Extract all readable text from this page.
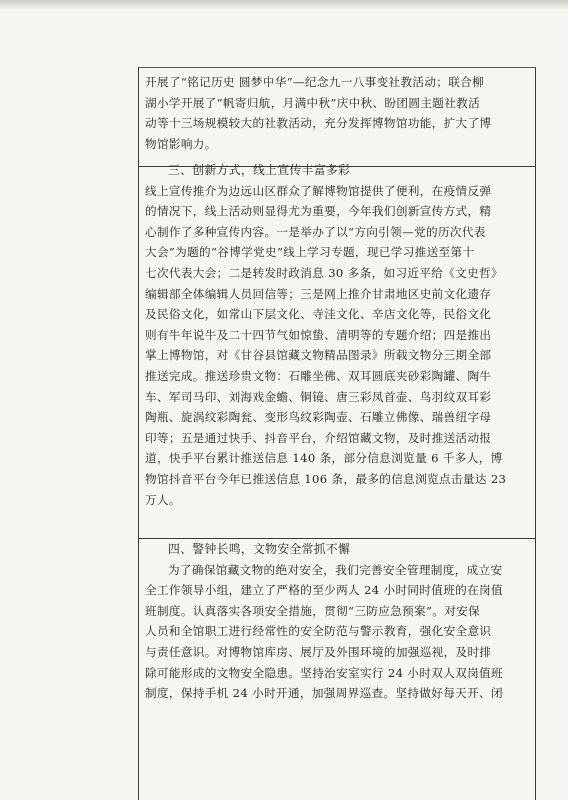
开展了“铭记历史 圆梦中华”—纪念九一八事变社教活动；联合柳
湖小学开展了“帆寄归航，月满中秋”庆中秋、盼团圆主题社教活
动等十三场规模较大的社教活动，充分发挥博物馆功能，扩大了博
物馆影响力。
三、创新方式，线上宣传丰富多彩
线上宣传推介为边远山区群众了解博物馆提供了便利，在疫情反弹
的情况下，线上活动则显得尤为重要，今年我们创新宣传方式，精
心制作了多种宣传内容。一是举办了以“方向引领—党的历次代表
大会”为题的“谷博学党史”线上学习专题，现已学习推送至第十
七次代表大会；二是转发时政消息 30 多条，如习近平给《文史哲》
编辑部全体编辑人员回信等；三是网上推介甘肃地区史前文化遗存
及民俗文化，如常山下层文化、寺洼文化、辛店文化等，民俗文化
则有牛年说牛及二十四节气如惊蛰、清明等的专题介绍；四是推出
掌上博物馆，对《甘谷县馆藏文物精品图录》所载文物分三期全部
推送完成。推送珍贵文物：石雕坐佛、双耳圆底夹砂彩陶罐、陶牛
车、军司马印、刘海戏金蟾、铜镜、唐三彩凤首壶、鸟羽纹双耳彩
陶瓶、旋涡纹彩陶瓮、变形鸟纹彩陶壶、石雕立佛像、瑞兽纽字母
印等；五是通过快手、抖音平台，介绍馆藏文物，及时推送活动报
道，快手平台累计推送信息 140 条，部分信息浏览量 6 千多人，博
物馆抖音平台今年已推送信息 106 条，最多的信息浏览点击量达 23
万人。
四、警钟长鸣，文物安全常抓不懈
为了确保馆藏文物的绝对安全，我们完善安全管理制度，成立安
全工作领导小组，建立了严格的至少两人 24 小时同时值班的在岗值
班制度。认真落实各项安全措施，贯彻“三防应急预案”。对安保
人员和全馆职工进行经常性的安全防范与警示教育，强化安全意识
与责任意识。对博物馆库房、展厅及外围环境的加强巡视，及时排
除可能形成的文物安全隐患。坚持治安室实行 24 小时双人双岗值班
制度，保持手机 24 小时开通，加强周界巡查。坚持做好每天开、闭
